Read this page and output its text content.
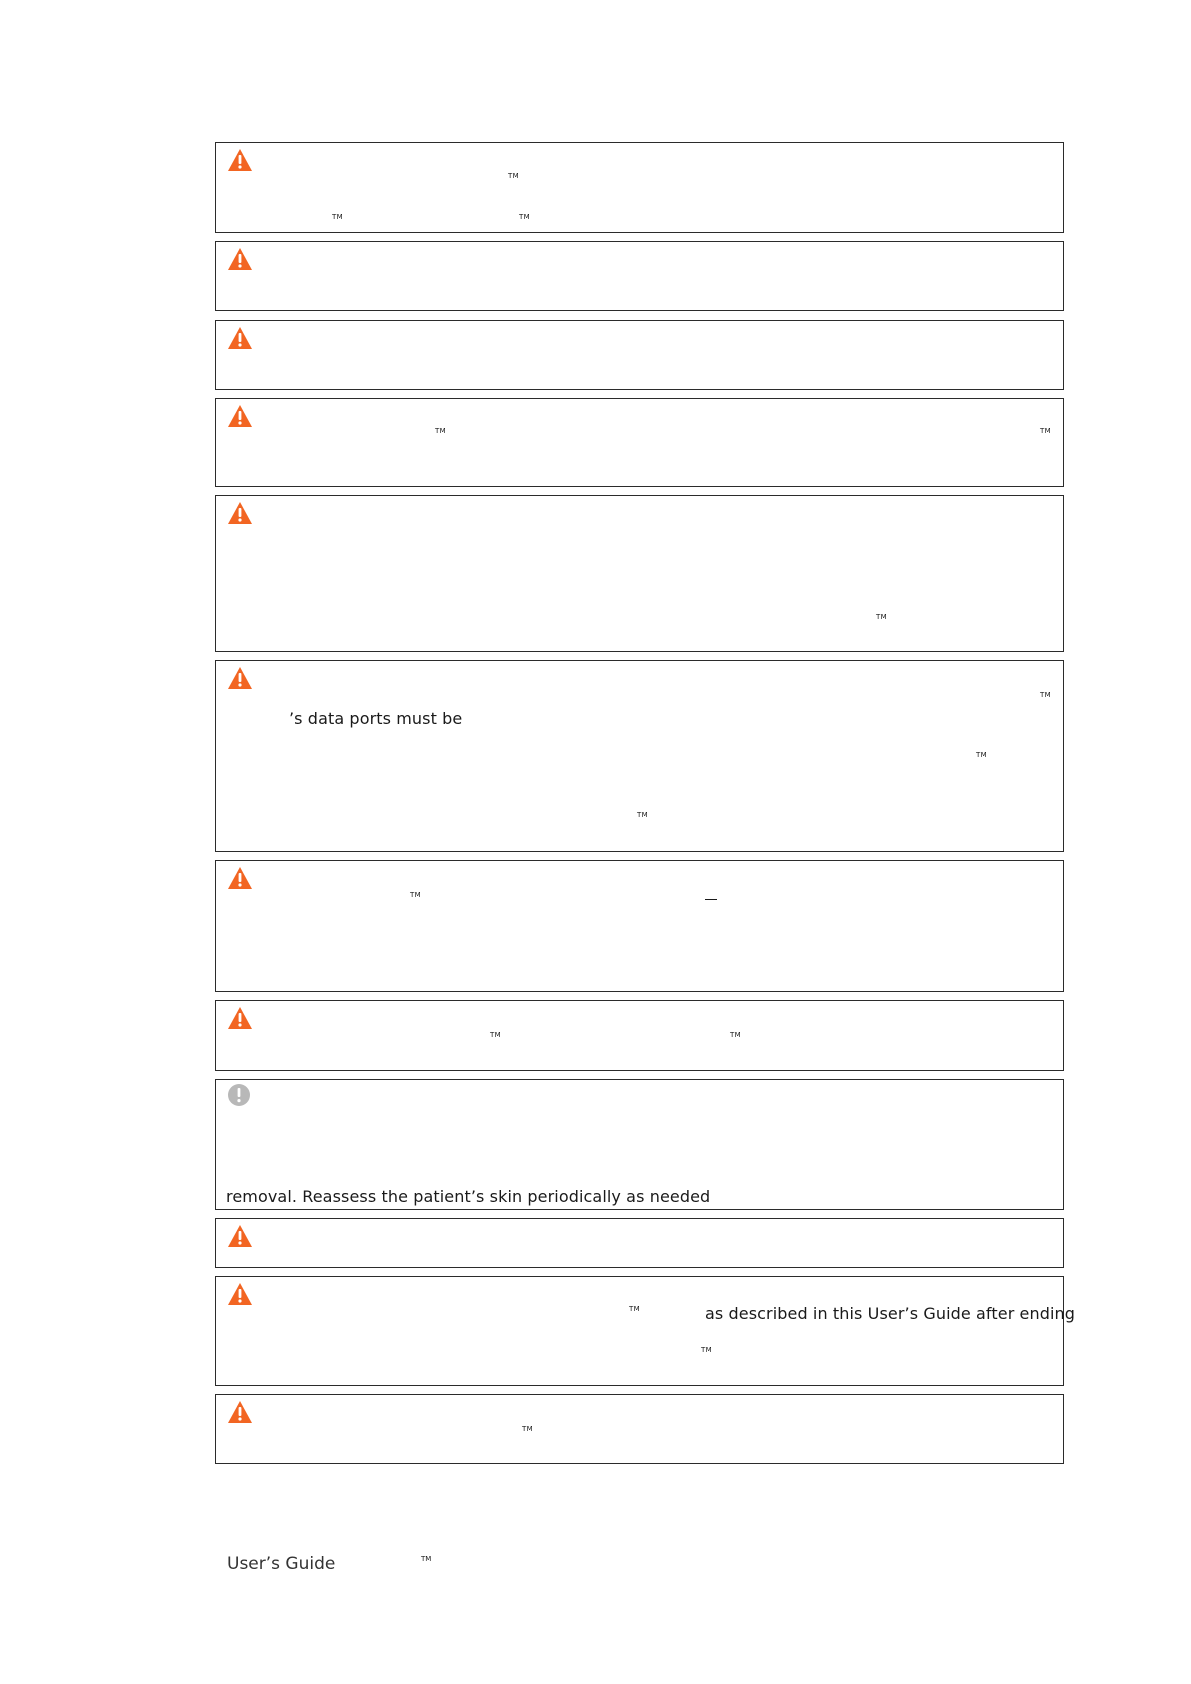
TM
TM	TM
TM	TM
TM
TM
’s data ports must be
TM
TM
TM
TM	TM
removal. Reassess the patient’s skin periodically as needed
TM	as described in this User’s Guide after ending
TM
TM
User’s Guide	TM
